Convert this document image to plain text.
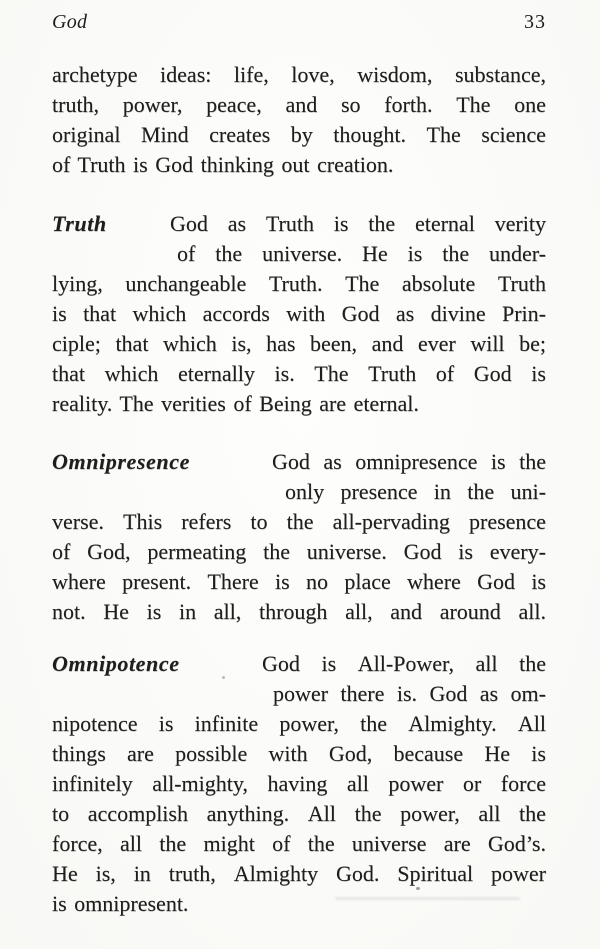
God	33
archetype ideas: life, love, wisdom, substance,
truth, power, peace, and so forth. The one
original Mind creates by thought. The science
of Truth is God thinking out creation.
Truth	God as Truth is the eternal verity
of the universe. He is the under-
lying, unchangeable Truth. The absolute Truth
is that which accords with God as divine Prin-
ciple; that which is, has been, and ever will be;
that which eternally is. The Truth of God is
reality. The verities of Being are eternal.
Omnipresence	God as omnipresence is the
only presence in the uni-
verse. This refers to the all-pervading presence
of God, permeating the universe. God is every-
where present. There is no place where God is
not. He is in all, through all, and around all.
Omnipotence	God is All-Power, all the
power there is. God as om-
nipotence is infinite power, the Almighty. All
things are possible with God, because He is
infinitely all-mighty, having all power or force
to accomplish anything. All the power, all the
force, all the might of the universe are God’s.
He is, in truth, Almighty God. Spiritual power
is omnipresent.
